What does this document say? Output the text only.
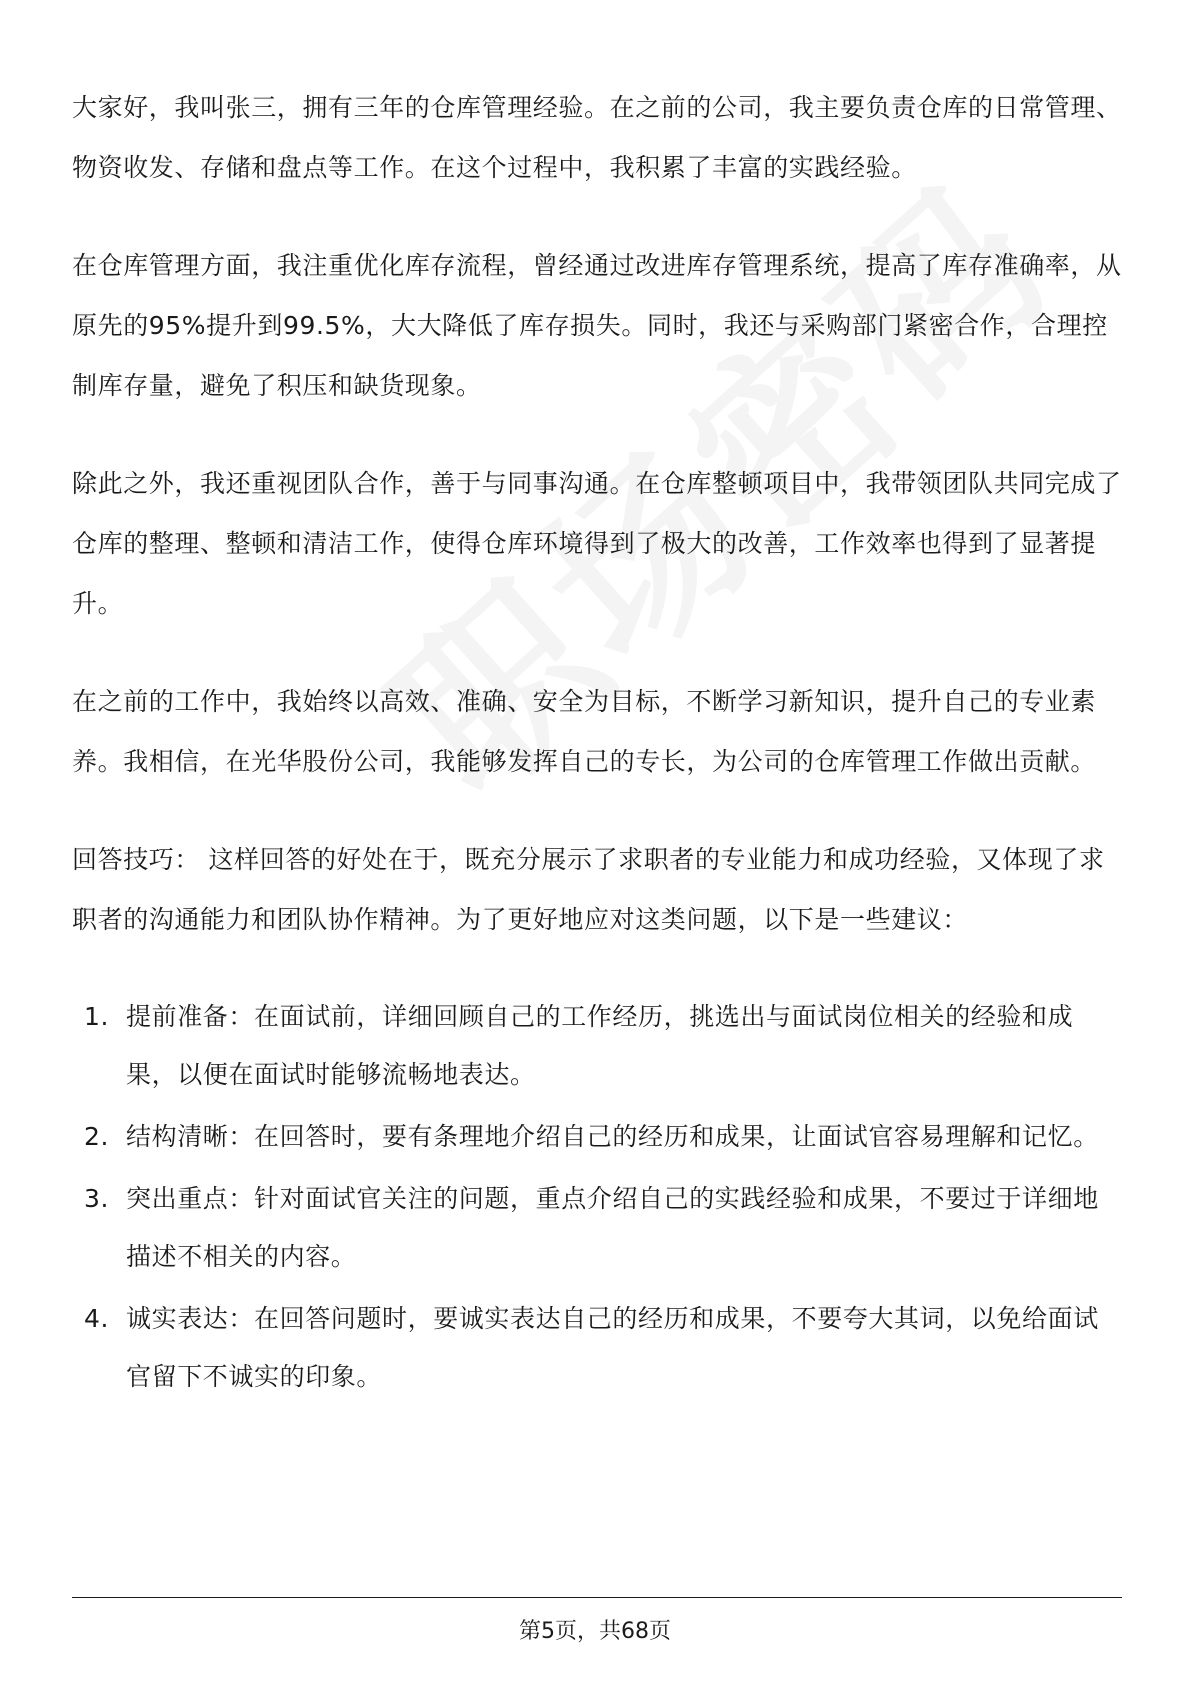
大家好，我叫张三，拥有三年的仓库管理经验。在之前的公司，我主要负责仓库的日常管理、物资收发、存储和盘点等工作。在这个过程中，我积累了丰富的实践经验。

在仓库管理方面，我注重优化库存流程，曾经通过改进库存管理系统，提高了库存准确率，从原先的95%提升到99.5%，大大降低了库存损失。同时，我还与采购部门紧密合作，合理控制库存量，避免了积压和缺货现象。

除此之外，我还重视团队合作，善于与同事沟通。在仓库整顿项目中，我带领团队共同完成了仓库的整理、整顿和清洁工作，使得仓库环境得到了极大的改善，工作效率也得到了显著提升。

在之前的工作中，我始终以高效、准确、安全为目标，不断学习新知识，提升自己的专业素养。我相信，在光华股份公司，我能够发挥自己的专长，为公司的仓库管理工作做出贡献。

回答技巧： 这样回答的好处在于，既充分展示了求职者的专业能力和成功经验，又体现了求职者的沟通能力和团队协作精神。为了更好地应对这类问题，以下是一些建议：

1. 提前准备：在面试前，详细回顾自己的工作经历，挑选出与面试岗位相关的经验和成果，以便在面试时能够流畅地表达。
2. 结构清晰：在回答时，要有条理地介绍自己的经历和成果，让面试官容易理解和记忆。
3. 突出重点：针对面试官关注的问题，重点介绍自己的实践经验和成果，不要过于详细地描述不相关的内容。
4. 诚实表达：在回答问题时，要诚实表达自己的经历和成果，不要夸大其词，以免给面试官留下不诚实的印象。
第5页，共68页
